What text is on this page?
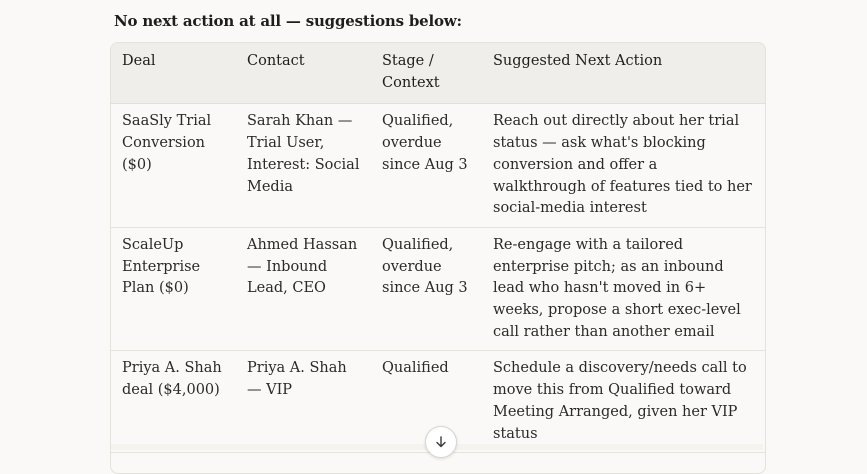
No next action at all — suggestions below:
Deal	Contact	Stage / Context	Suggested Next Action
SaaSly Trial Conversion ($0)	Sarah Khan — Trial User, Interest: Social Media	Qualified, overdue since Aug 3	Reach out directly about her trial status — ask what's blocking conversion and offer a walkthrough of features tied to her social-media interest
ScaleUp Enterprise Plan ($0)	Ahmed Hassan — Inbound Lead, CEO	Qualified, overdue since Aug 3	Re-engage with a tailored enterprise pitch; as an inbound lead who hasn't moved in 6+ weeks, propose a short exec-level call rather than another email
Priya A. Shah deal ($4,000)	Priya A. Shah — VIP	Qualified	Schedule a discovery/needs call to move this from Qualified toward Meeting Arranged, given her VIP status
